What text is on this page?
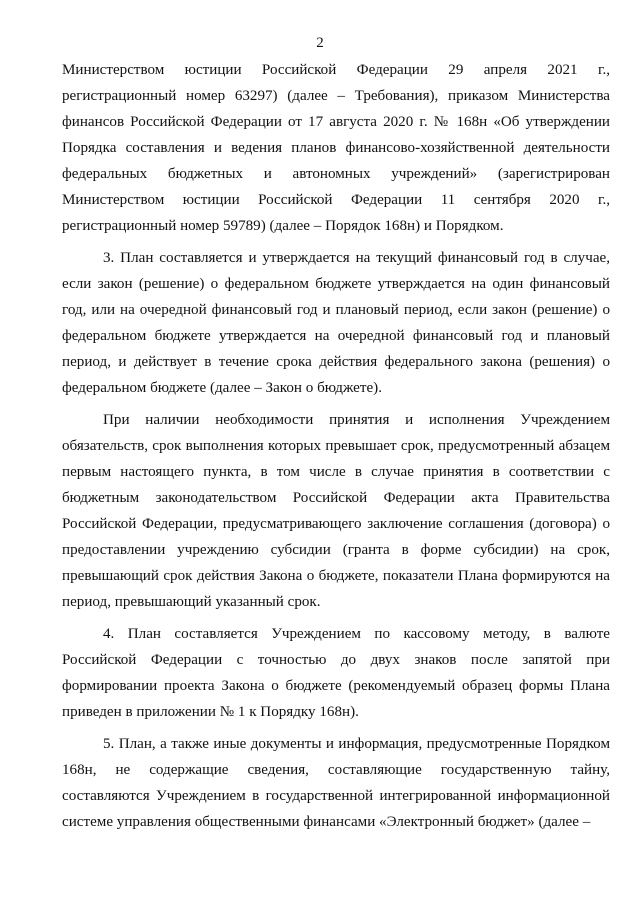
2

Министерством юстиции Российской Федерации 29 апреля 2021 г., регистрационный номер 63297) (далее – Требования), приказом Министерства финансов Российской Федерации от 17 августа 2020 г. № 168н «Об утверждении Порядка составления и ведения планов финансово-хозяйственной деятельности федеральных бюджетных и автономных учреждений» (зарегистрирован Министерством юстиции Российской Федерации 11 сентября 2020 г., регистрационный номер 59789) (далее – Порядок 168н) и Порядком.

3. План составляется и утверждается на текущий финансовый год в случае, если закон (решение) о федеральном бюджете утверждается на один финансовый год, или на очередной финансовый год и плановый период, если закон (решение) о федеральном бюджете утверждается на очередной финансовый год и плановый период, и действует в течение срока действия федерального закона (решения) о федеральном бюджете (далее – Закон о бюджете).

При наличии необходимости принятия и исполнения Учреждением обязательств, срок выполнения которых превышает срок, предусмотренный абзацем первым настоящего пункта, в том числе в случае принятия в соответствии с бюджетным законодательством Российской Федерации акта Правительства Российской Федерации, предусматривающего заключение соглашения (договора) о предоставлении учреждению субсидии (гранта в форме субсидии) на срок, превышающий срок действия Закона о бюджете, показатели Плана формируются на период, превышающий указанный срок.

4. План составляется Учреждением по кассовому методу, в валюте Российской Федерации с точностью до двух знаков после запятой при формировании проекта Закона о бюджете (рекомендуемый образец формы Плана приведен в приложении № 1 к Порядку 168н).

5. План, а также иные документы и информация, предусмотренные Порядком 168н, не содержащие сведения, составляющие государственную тайну, составляются Учреждением в государственной интегрированной информационной системе управления общественными финансами «Электронный бюджет» (далее –
